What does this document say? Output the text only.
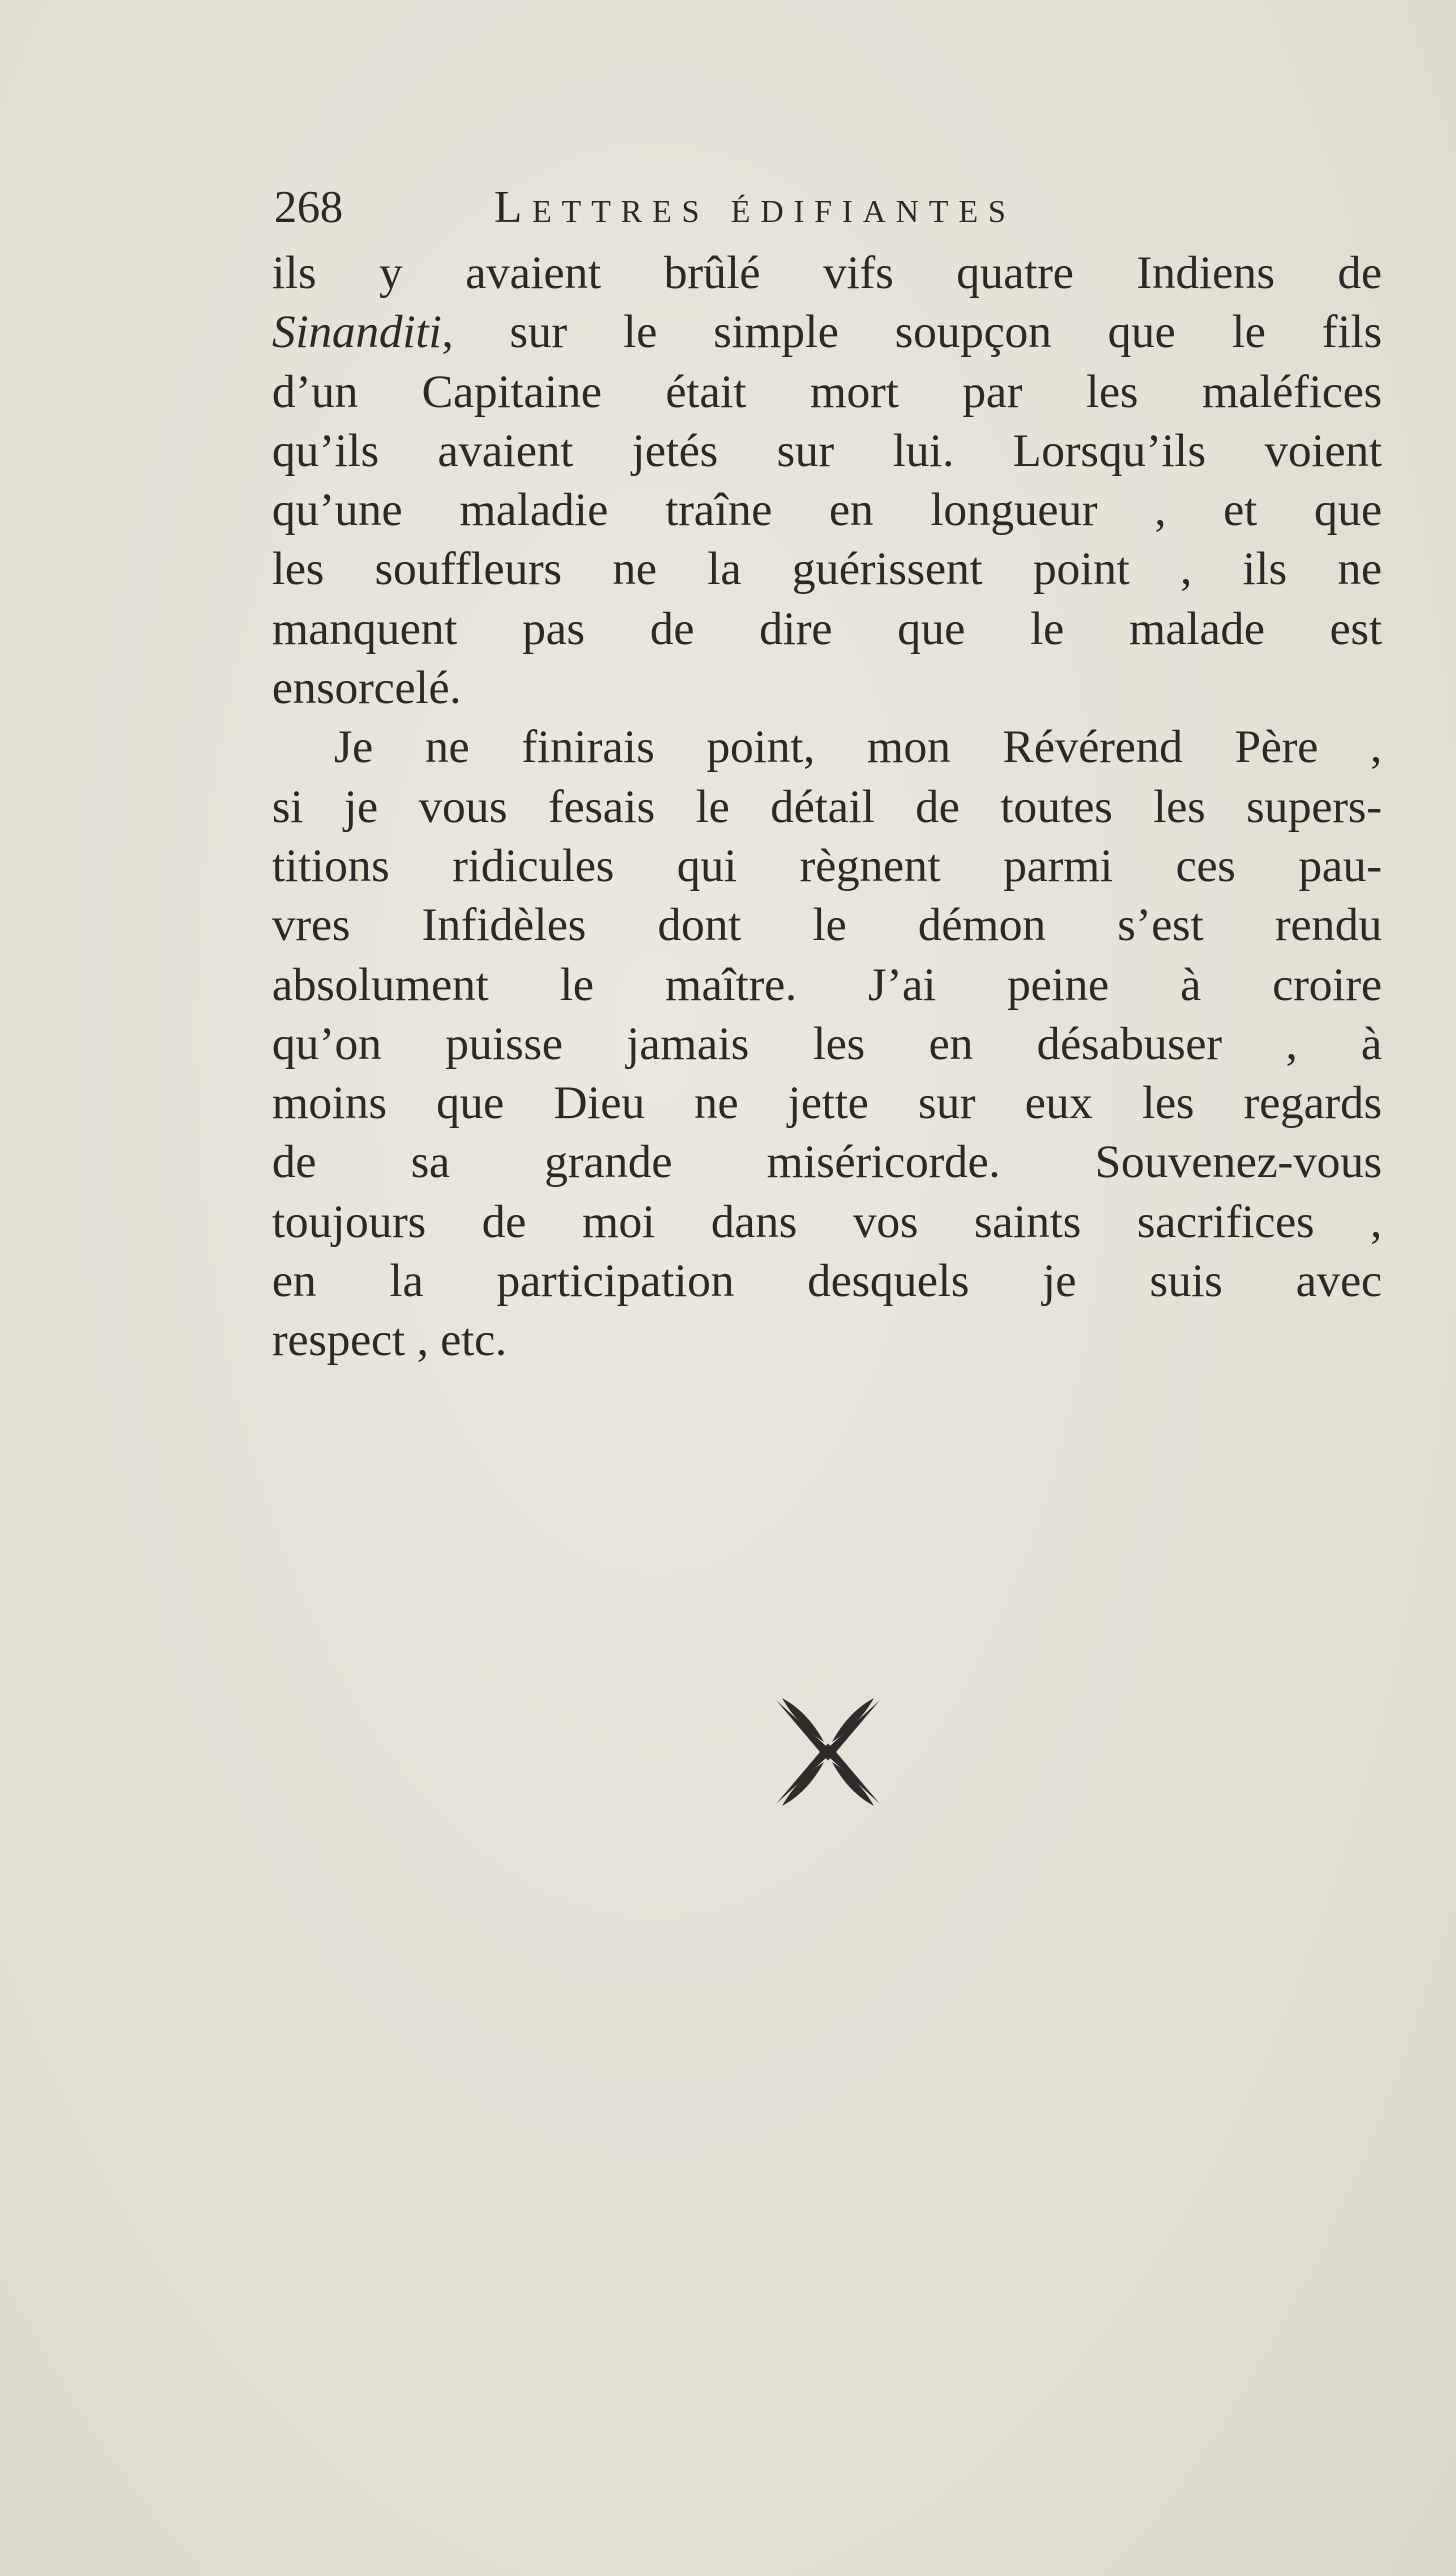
268	Lettres édifiantes
ils y avaient brûlé vifs quatre Indiens de
Sinanditi, sur le simple soupçon que le fils
d’un Capitaine était mort par les maléfices
qu’ils avaient jetés sur lui. Lorsqu’ils voient
qu’une maladie traîne en longueur , et que
les souffleurs ne la guérissent point , ils ne
manquent pas de dire que le malade est
ensorcelé.
Je ne finirais point, mon Révérend Père ,
si je vous fesais le détail de toutes les supers-
titions ridicules qui règnent parmi ces pau-
vres Infidèles dont le démon s’est rendu
absolument le maître. J’ai peine à croire
qu’on puisse jamais les en désabuser , à
moins que Dieu ne jette sur eux les regards
de sa grande miséricorde. Souvenez-vous
toujours de moi dans vos saints sacrifices ,
en la participation desquels je suis avec
respect , etc.
